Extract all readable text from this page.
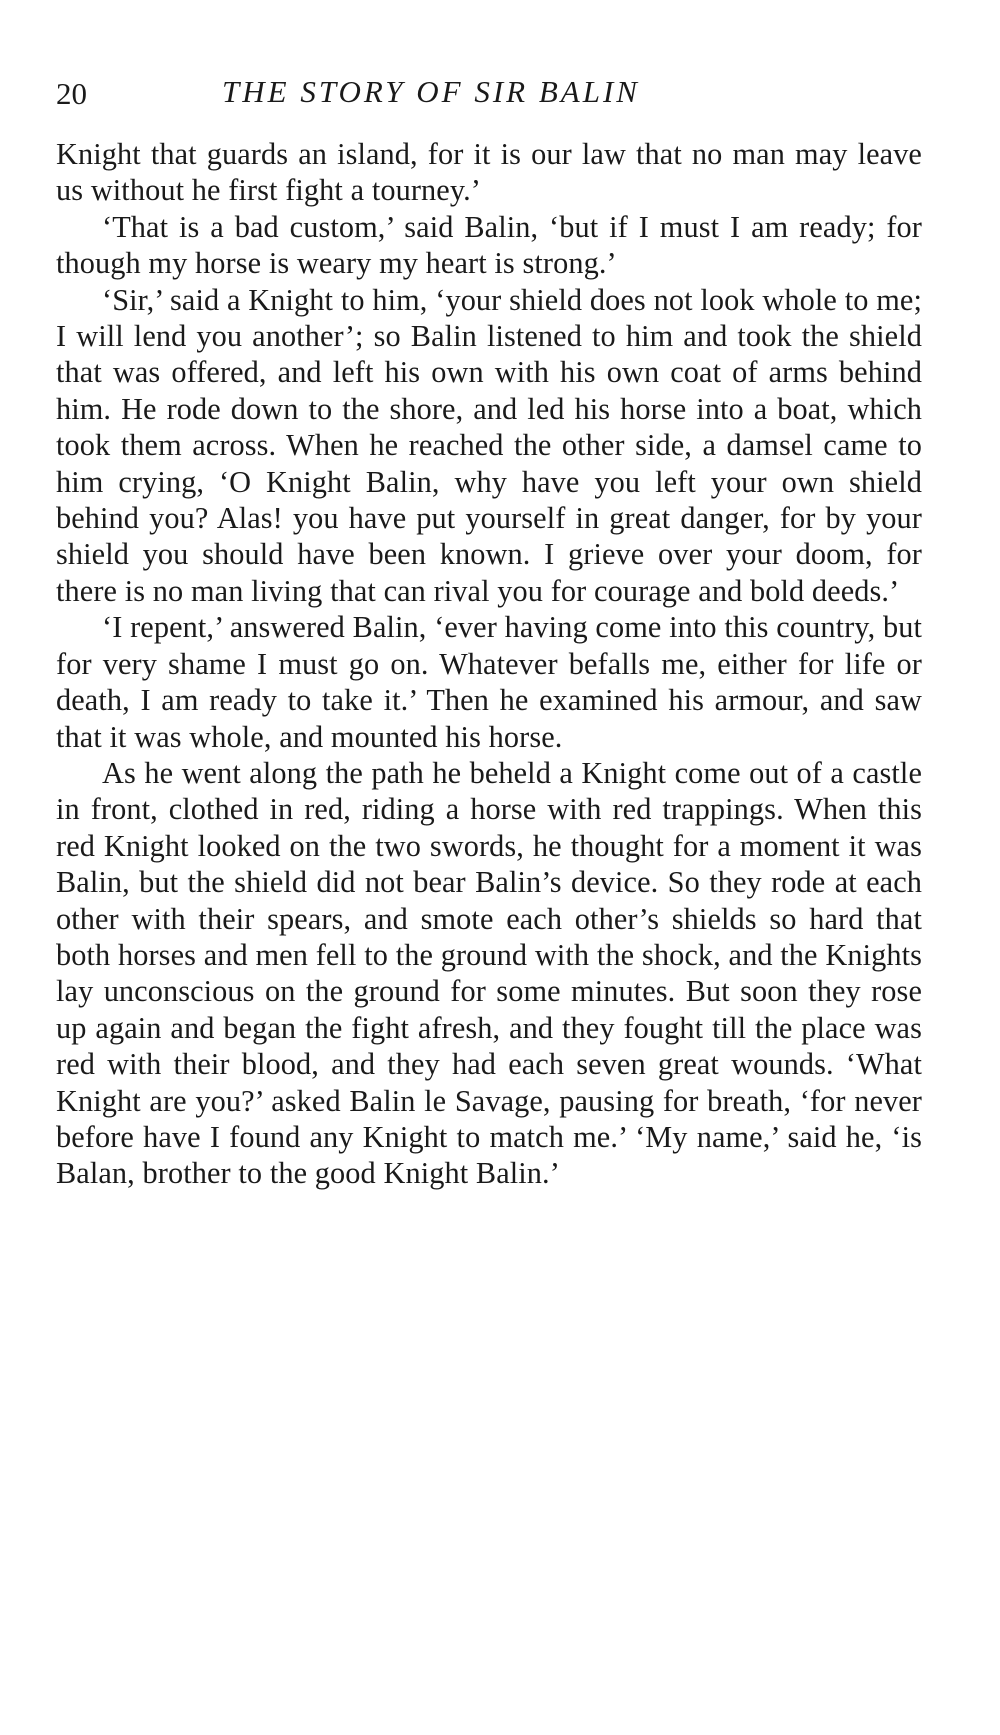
20	THE STORY OF SIR BALIN

Knight that guards an island, for it is our law that no man may leave us without he first fight a tourney.’

‘That is a bad custom,’ said Balin, ‘but if I must I am ready; for though my horse is weary my heart is strong.’

‘Sir,’ said a Knight to him, ‘your shield does not look whole to me; I will lend you another’; so Balin listened to him and took the shield that was offered, and left his own with his own coat of arms behind him. He rode down to the shore, and led his horse into a boat, which took them across. When he reached the other side, a damsel came to him crying, ‘O Knight Balin, why have you left your own shield behind you? Alas! you have put yourself in great danger, for by your shield you should have been known. I grieve over your doom, for there is no man living that can rival you for courage and bold deeds.’

‘I repent,’ answered Balin, ‘ever having come into this country, but for very shame I must go on. Whatever befalls me, either for life or death, I am ready to take it.’ Then he examined his armour, and saw that it was whole, and mounted his horse.

As he went along the path he beheld a Knight come out of a castle in front, clothed in red, riding a horse with red trappings. When this red Knight looked on the two swords, he thought for a moment it was Balin, but the shield did not bear Balin’s device. So they rode at each other with their spears, and smote each other’s shields so hard that both horses and men fell to the ground with the shock, and the Knights lay unconscious on the ground for some minutes. But soon they rose up again and began the fight afresh, and they fought till the place was red with their blood, and they had each seven great wounds. ‘What Knight are you?’ asked Balin le Savage, pausing for breath, ‘for never before have I found any Knight to match me.’ ‘My name,’ said he, ‘is Balan, brother to the good Knight Balin.’
